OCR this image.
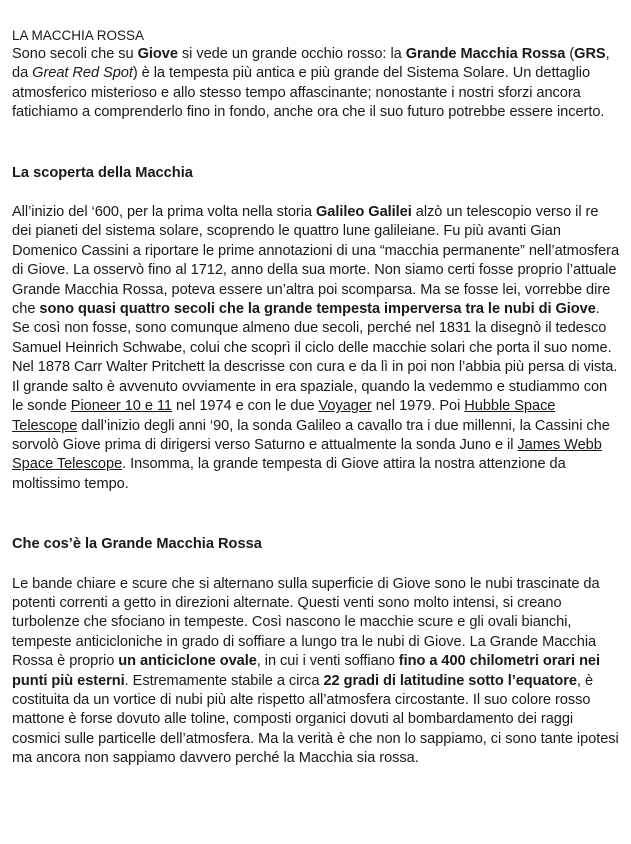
LA MACCHIA ROSSA

Sono secoli che su Giove si vede un grande occhio rosso: la Grande Macchia Rossa (GRS, da Great Red Spot) è la tempesta più antica e più grande del Sistema Solare. Un dettaglio atmosferico misterioso e allo stesso tempo affascinante; nonostante i nostri sforzi ancora fatichiamo a comprenderlo fino in fondo, anche ora che il suo futuro potrebbe essere incerto.

La scoperta della Macchia

All’inizio del ‘600, per la prima volta nella storia Galileo Galilei alzò un telescopio verso il re dei pianeti del sistema solare, scoprendo le quattro lune galileiane. Fu più avanti Gian Domenico Cassini a riportare le prime annotazioni di una “macchia permanente” nell’atmosfera di Giove. La osservò fino al 1712, anno della sua morte. Non siamo certi fosse proprio l’attuale Grande Macchia Rossa, poteva essere un’altra poi scomparsa. Ma se fosse lei, vorrebbe dire che sono quasi quattro secoli che la grande tempesta imperversa tra le nubi di Giove. Se così non fosse, sono comunque almeno due secoli, perché nel 1831 la disegnò il tedesco Samuel Heinrich Schwabe, colui che scoprì il ciclo delle macchie solari che porta il suo nome. Nel 1878 Carr Walter Pritchett la descrisse con cura e da lì in poi non l’abbia più persa di vista. Il grande salto è avvenuto ovviamente in era spaziale, quando la vedemmo e studiammo con le sonde Pioneer 10 e 11 nel 1974 e con le due Voyager nel 1979. Poi Hubble Space Telescope dall’inizio degli anni ‘90, la sonda Galileo a cavallo tra i due millenni, la Cassini che sorvolò Giove prima di dirigersi verso Saturno e attualmente la sonda Juno e il James Webb Space Telescope. Insomma, la grande tempesta di Giove attira la nostra attenzione da moltissimo tempo.

Che cos’è la Grande Macchia Rossa

Le bande chiare e scure che si alternano sulla superficie di Giove sono le nubi trascinate da potenti correnti a getto in direzioni alternate. Questi venti sono molto intensi, si creano turbolenze che sfociano in tempeste. Così nascono le macchie scure e gli ovali bianchi, tempeste anticicloniche in grado di soffiare a lungo tra le nubi di Giove. La Grande Macchia Rossa è proprio un anticiclone ovale, in cui i venti soffiano fino a 400 chilometri orari nei punti più esterni. Estremamente stabile a circa 22 gradi di latitudine sotto l’equatore, è costituita da un vortice di nubi più alte rispetto all’atmosfera circostante. Il suo colore rosso mattone è forse dovuto alle toline, composti organici dovuti al bombardamento dei raggi cosmici sulle particelle dell’atmosfera. Ma la verità è che non lo sappiamo, ci sono tante ipotesi ma ancora non sappiamo davvero perché la Macchia sia rossa.
